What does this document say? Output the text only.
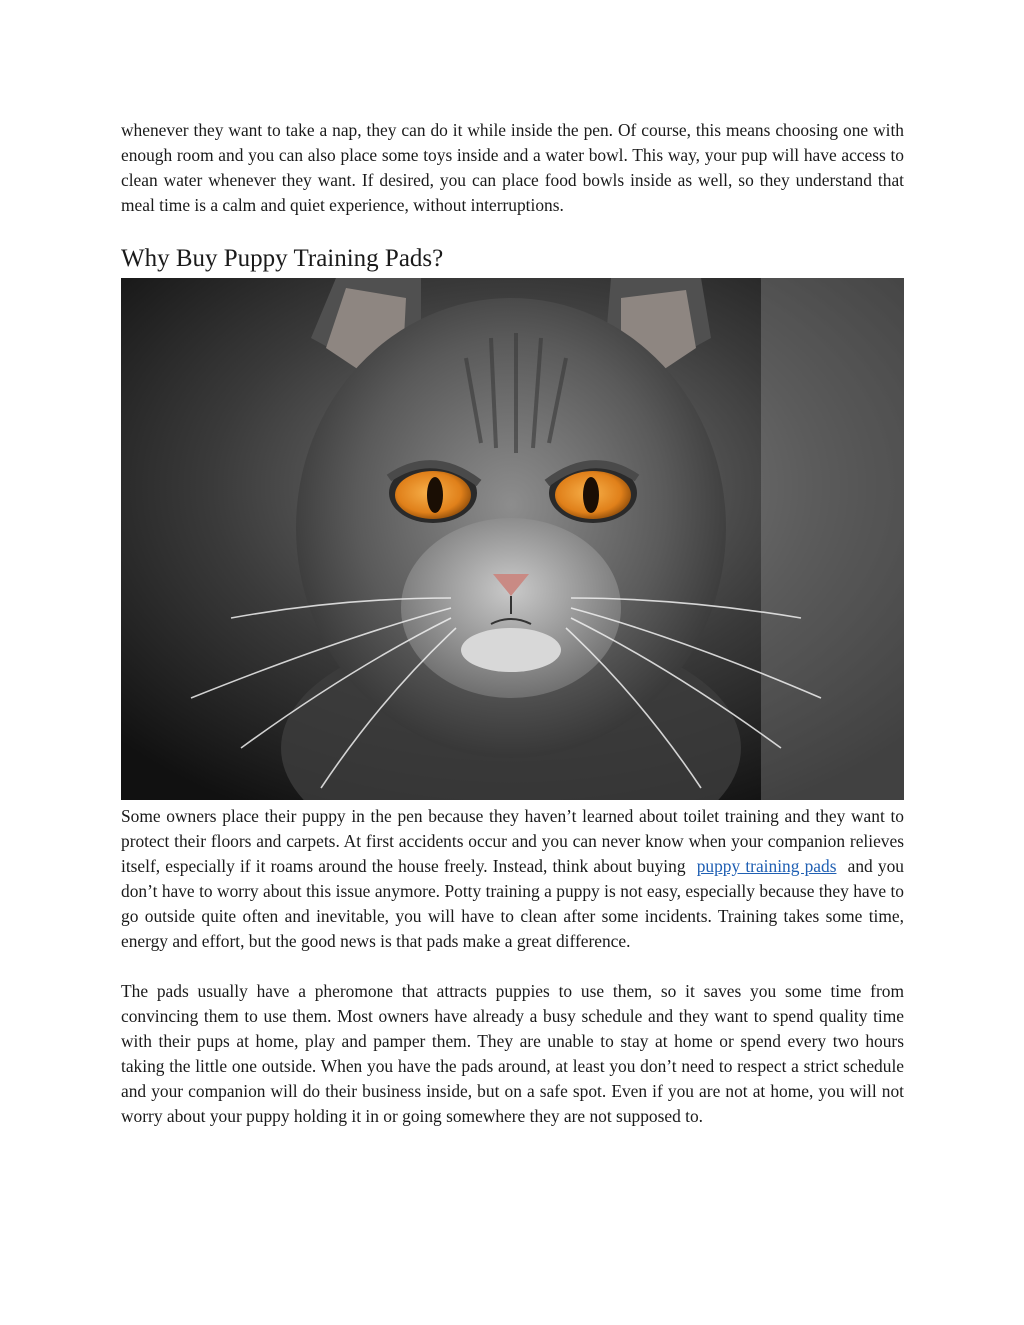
whenever they want to take a nap, they can do it while inside the pen. Of course, this means choosing one with enough room and you can also place some toys inside and a water bowl. This way, your pup will have access to clean water whenever they want. If desired, you can place food bowls inside as well, so they understand that meal time is a calm and quiet experience, without interruptions.

Why Buy Puppy Training Pads?

Some owners place their puppy in the pen because they haven’t learned about toilet training and they want to protect their floors and carpets. At first accidents occur and you can never know when your companion relieves itself, especially if it roams around the house freely. Instead, think about buying puppy training pads and you don’t have to worry about this issue anymore. Potty training a puppy is not easy, especially because they have to go outside quite often and inevitable, you will have to clean after some incidents. Training takes some time, energy and effort, but the good news is that pads make a great difference.

The pads usually have a pheromone that attracts puppies to use them, so it saves you some time from convincing them to use them. Most owners have already a busy schedule and they want to spend quality time with their pups at home, play and pamper them. They are unable to stay at home or spend every two hours taking the little one outside. When you have the pads around, at least you don’t need to respect a strict schedule and your companion will do their business inside, but on a safe spot. Even if you are not at home, you will not worry about your puppy holding it in or going somewhere they are not supposed to.
